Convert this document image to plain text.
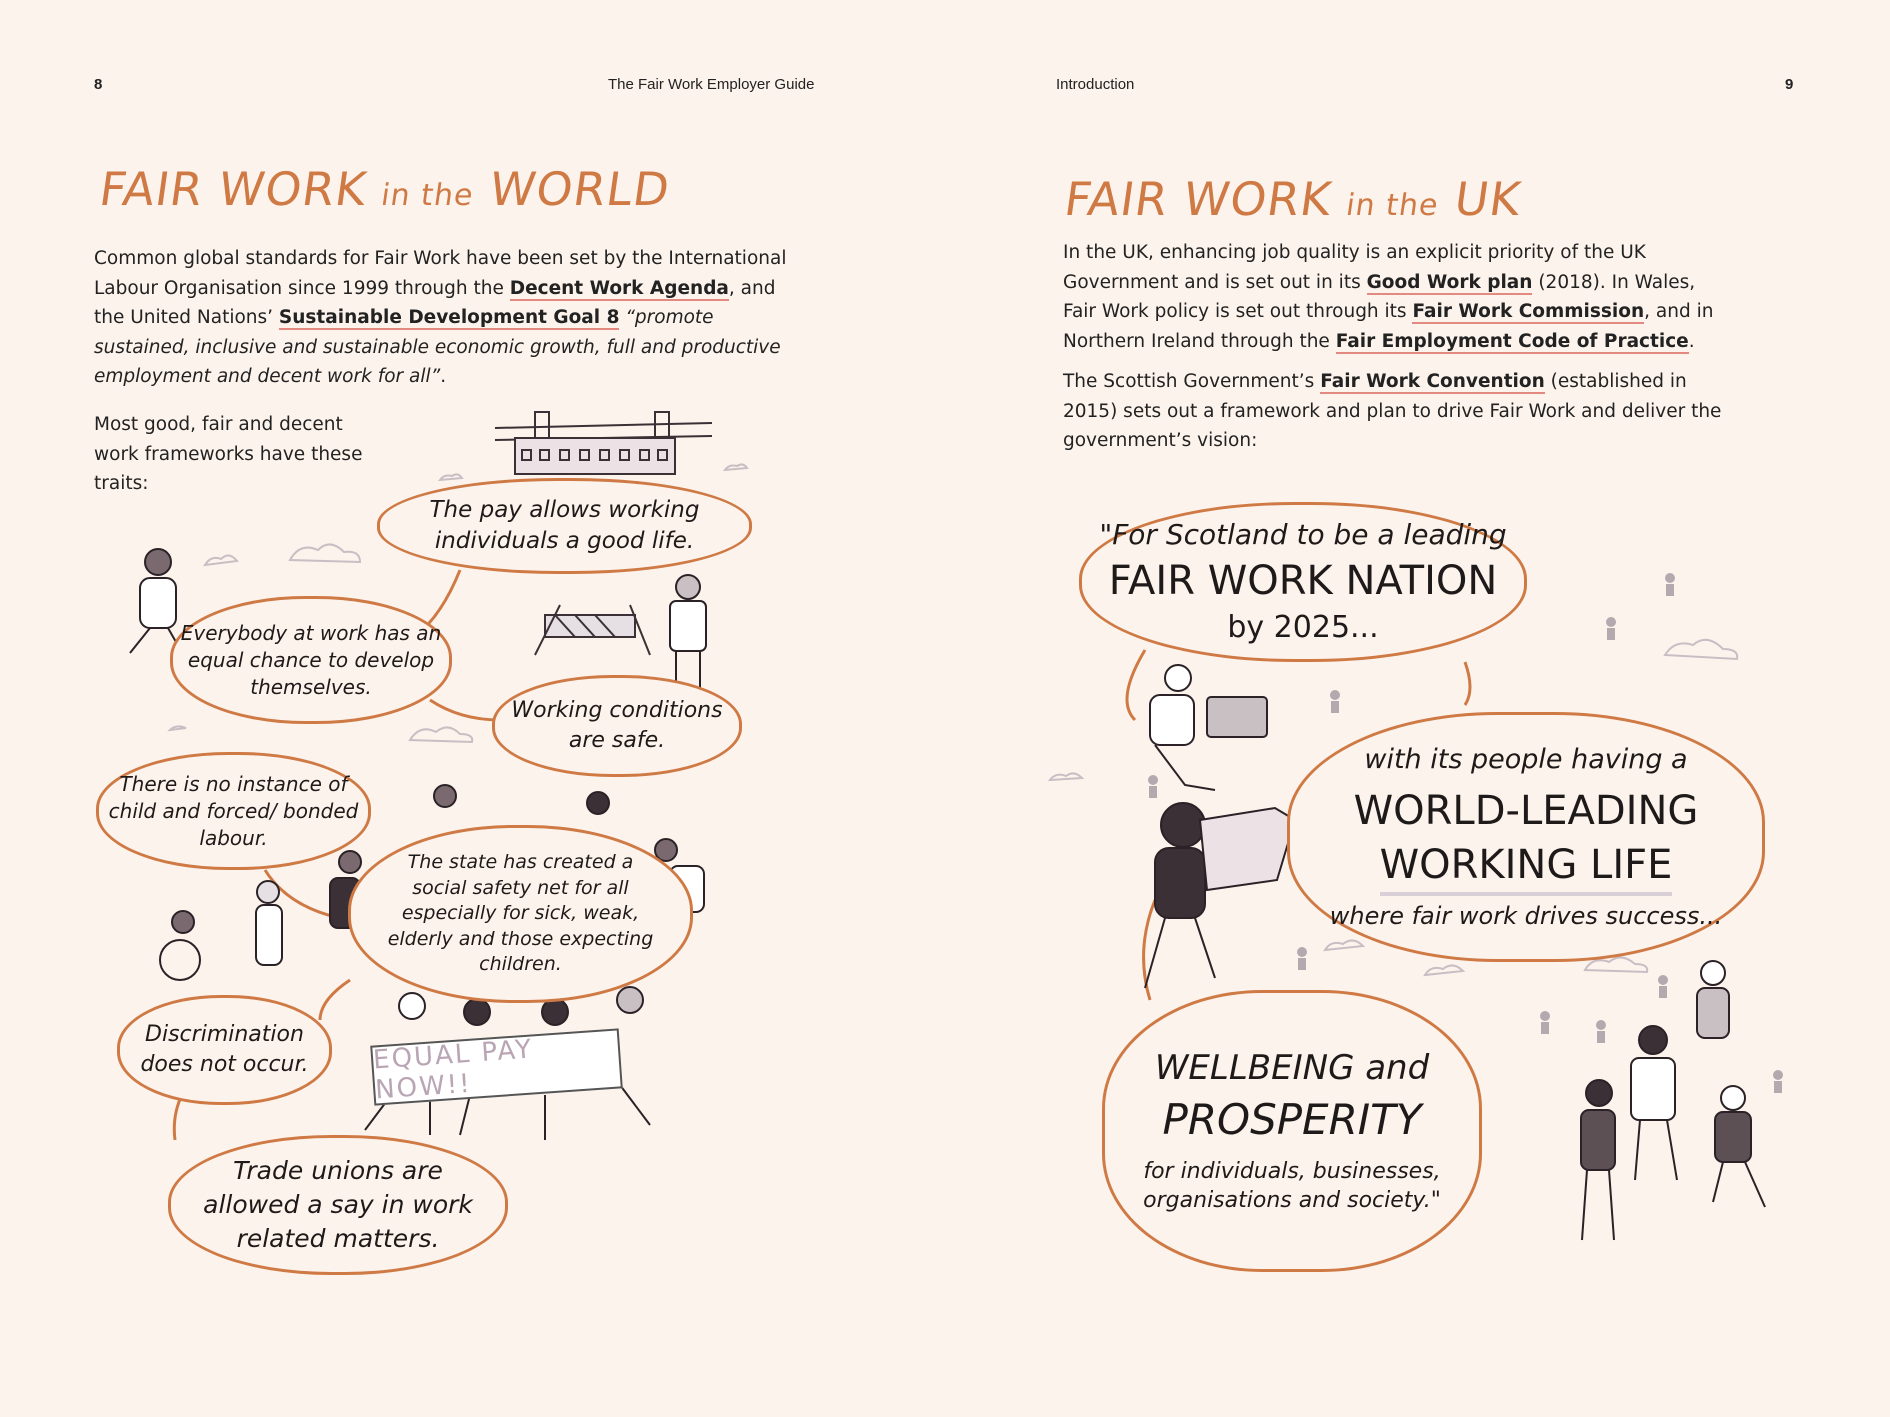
8	The Fair Work Employer Guide
FAIR WORK in the WORLD

Common global standards for Fair Work have been set by the International Labour Organisation since 1999 through the Decent Work Agenda, and the United Nations’ Sustainable Development Goal 8 “promote sustained, inclusive and sustainable economic growth, full and productive employment and decent work for all”.

Most good, fair and decent work frameworks have these traits:
The pay allows working individuals a good life.
Everybody at work has an equal chance to develop themselves.
Working conditions are safe.
There is no instance of child and forced/ bonded labour.
The state has created a social safety net for all especially for sick, weak, elderly and those expecting children.
Discrimination does not occur.
Trade unions are allowed a say in work related matters.
EQUAL PAY NOW!!
Introduction	9
FAIR WORK in the UK

In the UK, enhancing job quality is an explicit priority of the UK Government and is set out in its Good Work plan (2018). In Wales, Fair Work policy is set out through its Fair Work Commission, and in Northern Ireland through the Fair Employment Code of Practice.

The Scottish Government’s Fair Work Convention (established in 2015) sets out a framework and plan to drive Fair Work and deliver the government’s vision:

"For Scotland to be a leading
FAIR WORK NATION
by 2025...
with its people having a
WORLD-LEADING
WORKING LIFE
where fair work drives success...
WELLBEING and
PROSPERITY
for individuals, businesses,
organisations and society."
